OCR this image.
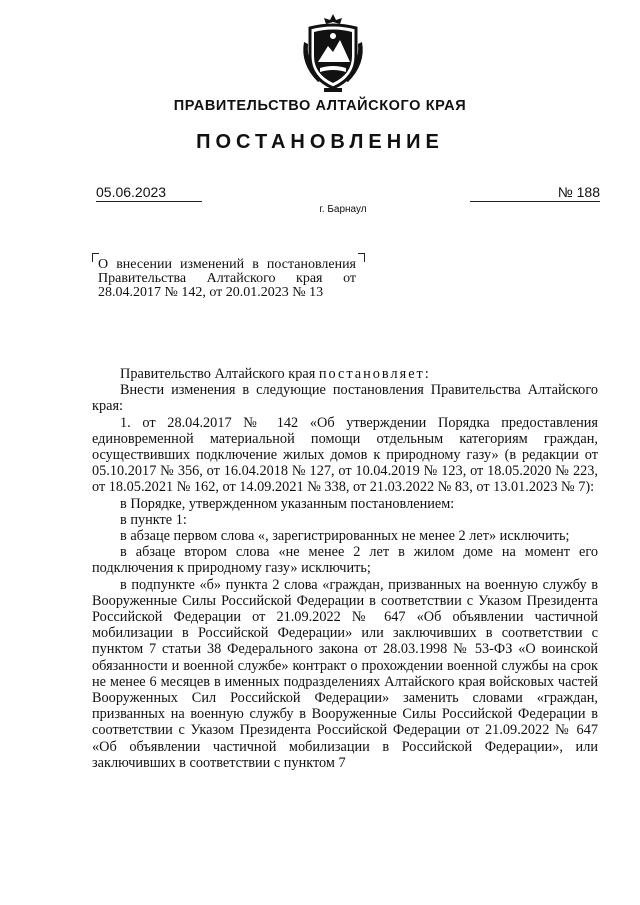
ПРАВИТЕЛЬСТВО АЛТАЙСКОГО КРАЯ
ПОСТАНОВЛЕНИЕ
05.06.2023	№ 188
г. Барнаул
О внесении изменений в постановления Правительства Алтайского края от 28.04.2017 № 142, от 20.01.2023 № 13

Правительство Алтайского края постановляет:

Внести изменения в следующие постановления Правительства Алтайского края:

1. от 28.04.2017 № 142 «Об утверждении Порядка предоставления единовременной материальной помощи отдельным категориям граждан, осуществивших подключение жилых домов к природному газу» (в редакции от 05.10.2017 № 356, от 16.04.2018 № 127, от 10.04.2019 № 123, от 18.05.2020 № 223, от 18.05.2021 № 162, от 14.09.2021 № 338, от 21.03.2022 № 83, от 13.01.2023 № 7):

в Порядке, утвержденном указанным постановлением:

в пункте 1:

в абзаце первом слова «, зарегистрированных не менее 2 лет» исключить;

в абзаце втором слова «не менее 2 лет в жилом доме на момент его подключения к природному газу» исключить;

в подпункте «б» пункта 2 слова «граждан, призванных на военную службу в Вооруженные Силы Российской Федерации в соответствии с Указом Президента Российской Федерации от 21.09.2022 № 647 «Об объявлении частичной мобилизации в Российской Федерации» или заключивших в соответствии с пунктом 7 статьи 38 Федерального закона от 28.03.1998 № 53-ФЗ «О воинской обязанности и военной службе» контракт о прохождении военной службы на срок не менее 6 месяцев в именных подразделениях Алтайского края войсковых частей Вооруженных Сил Российской Федерации» заменить словами «граждан, призванных на военную службу в Вооруженные Силы Российской Федерации в соответствии с Указом Президента Российской Федерации от 21.09.2022 № 647 «Об объявлении частичной мобилизации в Российской Федерации», или заключивших в соответствии с пунктом 7
